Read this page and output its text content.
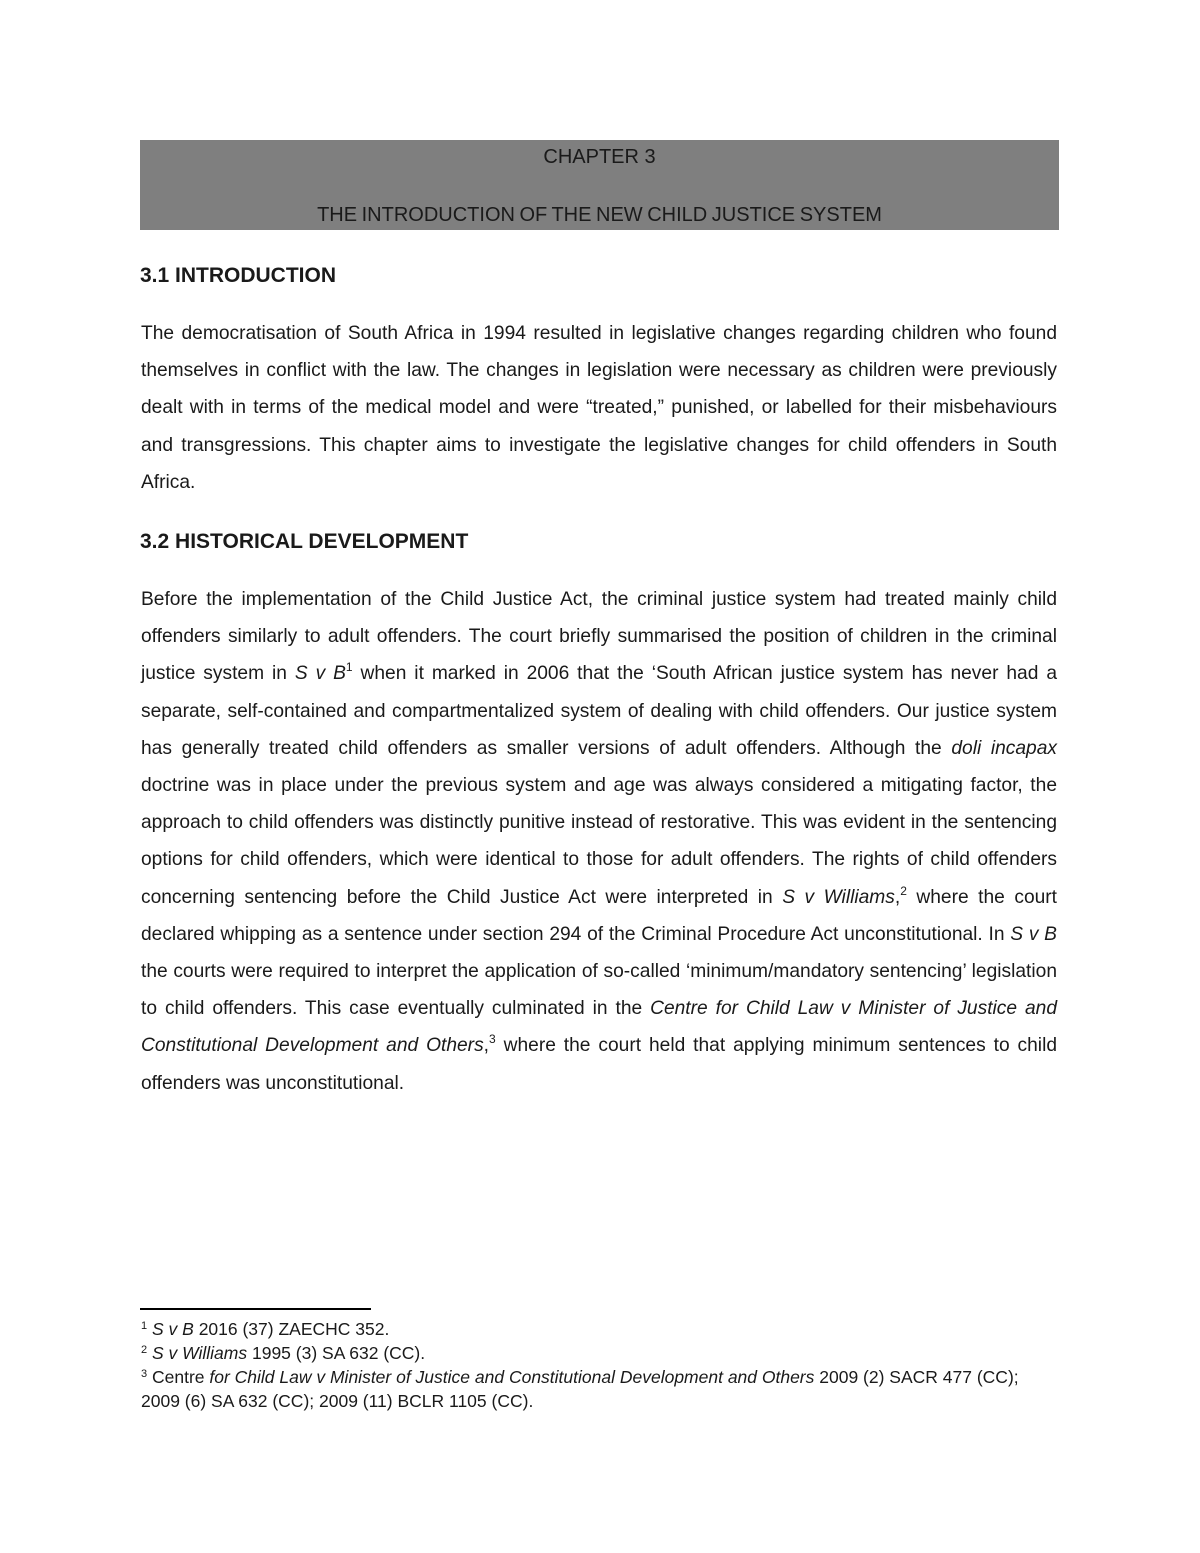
CHAPTER 3
THE INTRODUCTION OF THE NEW CHILD JUSTICE SYSTEM
3.1 INTRODUCTION
The democratisation of South Africa in 1994 resulted in legislative changes regarding children who found themselves in conflict with the law. The changes in legislation were necessary as children were previously dealt with in terms of the medical model and were “treated,” punished, or labelled for their misbehaviours and transgressions. This chapter aims to investigate the legislative changes for child offenders in South Africa.
3.2 HISTORICAL DEVELOPMENT
Before the implementation of the Child Justice Act, the criminal justice system had treated mainly child offenders similarly to adult offenders. The court briefly summarised the position of children in the criminal justice system in S v $B^1$ when it marked in 2006 that the ‘South African justice system has never had a separate, self-contained and compartmentalized system of dealing with child offenders. Our justice system has generally treated child offenders as smaller versions of adult offenders. Although the doli incapax doctrine was in place under the previous system and age was always considered a mitigating factor, the approach to child offenders was distinctly punitive instead of restorative. This was evident in the sentencing options for child offenders, which were identical to those for adult offenders. The rights of child offenders concerning sentencing before the Child Justice Act were interpreted in S v Williams,$^2$ where the court declared whipping as a sentence under section 294 of the Criminal Procedure Act unconstitutional. In S v B the courts were required to interpret the application of so-called ‘minimum/mandatory sentencing’ legislation to child offenders. This case eventually culminated in the Centre for Child Law v Minister of Justice and Constitutional Development and Others,$^3$ where the court held that applying minimum sentences to child offenders was unconstitutional.
$^1$ S v B 2016 (37) ZAECHC 352.
$^2$ S v Williams 1995 (3) SA 632 (CC).
$^3$ Centre for Child Law v Minister of Justice and Constitutional Development and Others 2009 (2) SACR 477 (CC); 2009 (6) SA 632 (CC); 2009 (11) BCLR 1105 (CC).
